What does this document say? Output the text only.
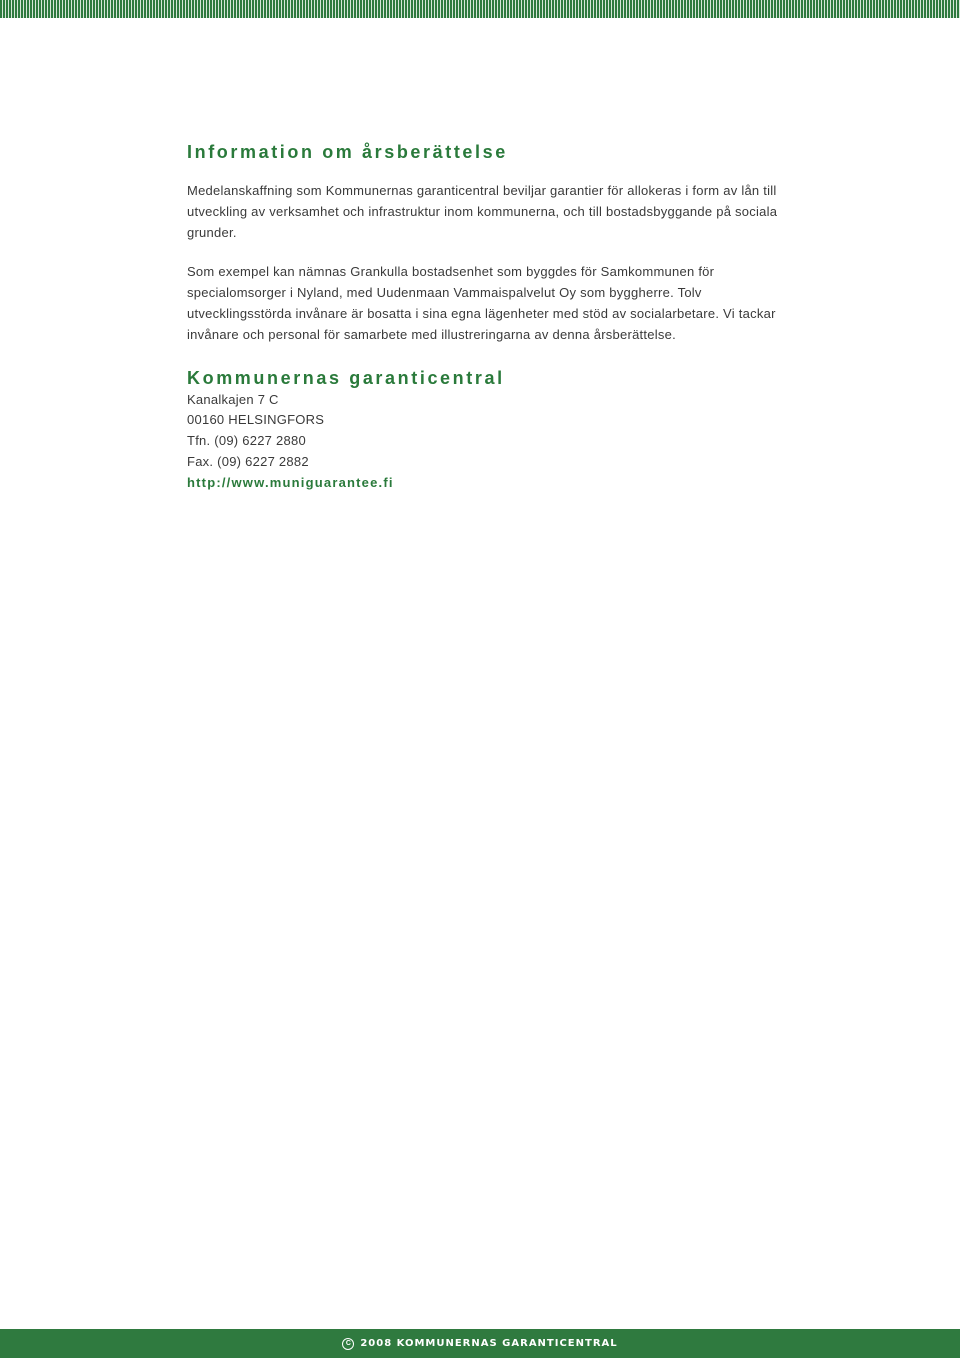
Information om årsberättelse

Medelanskaffning som Kommunernas garanticentral beviljar garantier för allokeras i form av lån till utveckling av verksamhet och infrastruktur inom kommunerna, och till bostadsbyggande på sociala grunder.

Som exempel kan nämnas Grankulla bostadsenhet som byggdes för Samkommunen för specialomsorger i Nyland, med Uudenmaan Vammaispalvelut Oy som byggherre. Tolv utvecklingsstörda invånare är bosatta i sina egna lägenheter med stöd av socialarbetare. Vi tackar invånare och personal för samarbete med illustreringarna av denna årsberättelse.

Kommunernas garanticentral
Kanalkajen 7 C
00160 HELSINGFORS
Tfn. (09) 6227 2880
Fax. (09) 6227 2882
http://www.muniguarantee.fi
C 2008 KOMMUNERNAS GARANTICENTRAL
